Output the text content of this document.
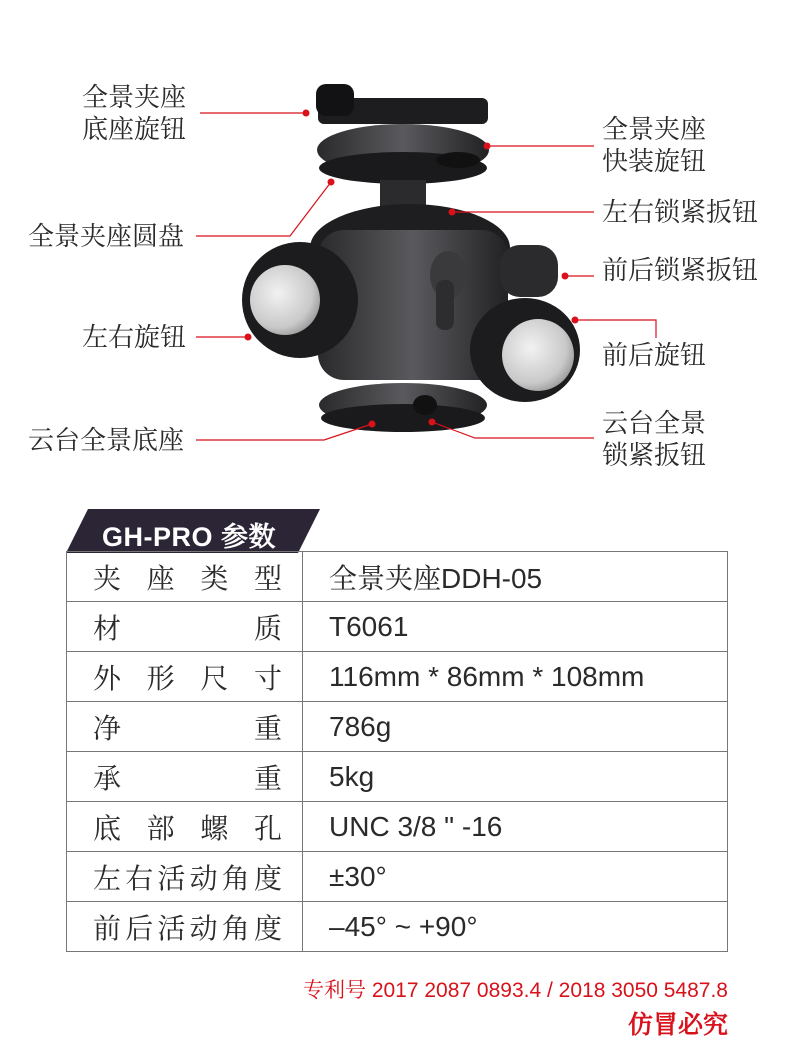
全景夹座
底座旋钮	全景夹座
快装旋钮
全景夹座圆盘
左右锁紧扳钮
前后锁紧扳钮
左右旋钮
前后旋钮
云台全景底座
云台全景
锁紧扳钮
GH-PRO 参数
夹座类型	全景夹座DDH-05
材质	T6061
外形尺寸	116mm * 86mm * 108mm
净重	786g
承重	5kg
底部螺孔	UNC 3/8 " -16
左右活动角度	±30°
前后活动角度	–45° ~ +90°
专利号 2017 2087 0893.4 / 2018 3050 5487.8
仿冒必究
